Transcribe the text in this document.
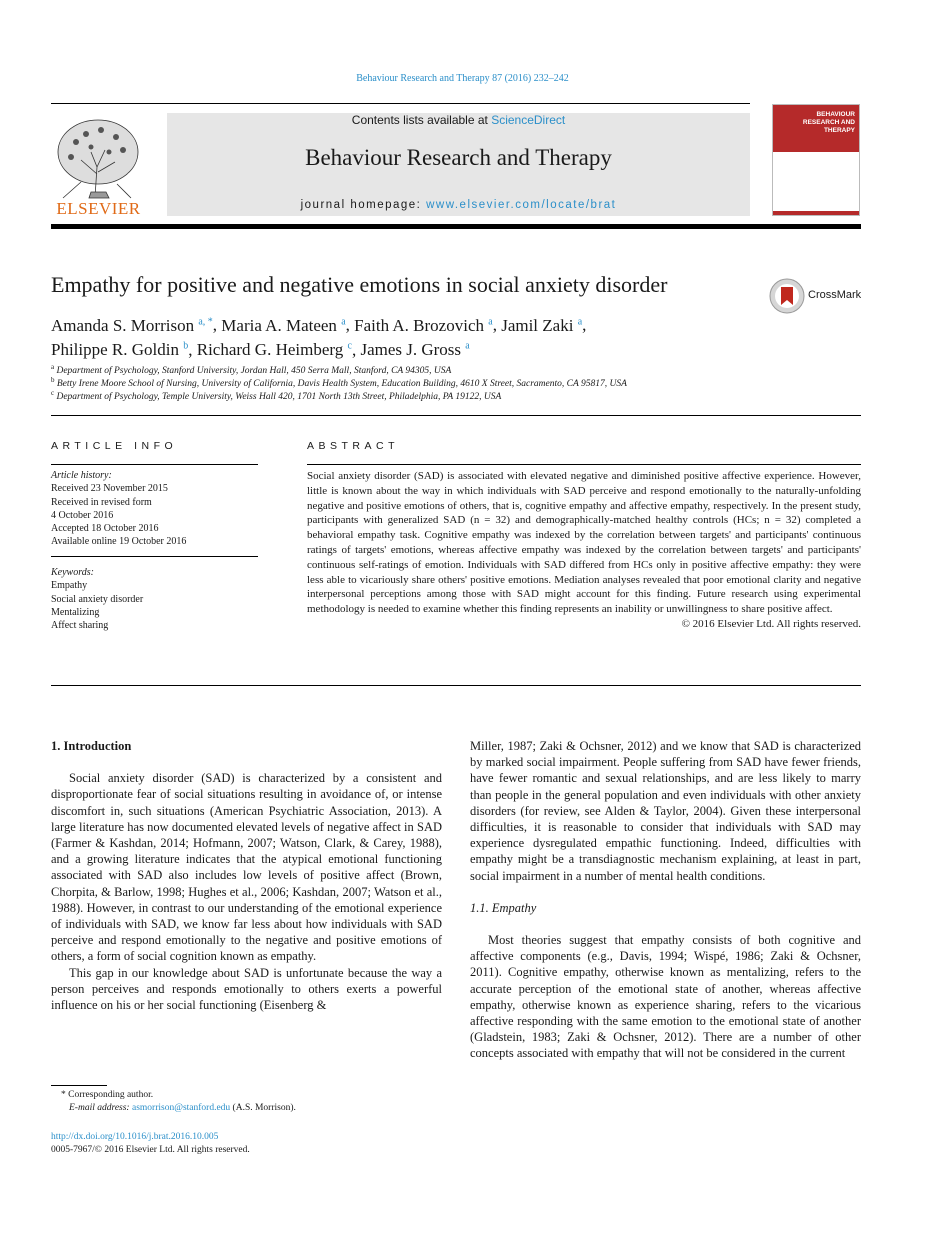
Behaviour Research and Therapy 87 (2016) 232–242
ELSEVIER
Contents lists available at ScienceDirect
Behaviour Research and Therapy
journal homepage: www.elsevier.com/locate/brat
BEHAVIOUR
RESEARCH AND
THERAPY
Empathy for positive and negative emotions in social anxiety disorder	CrossMark
Amanda S. Morrison $^{a, *}$, Maria A. Mateen $^a$, Faith A. Brozovich $^a$, Jamil Zaki $^a$,
Philippe R. Goldin $^b$, Richard G. Heimberg $^c$, James J. Gross $^a$
$^a$ Department of Psychology, Stanford University, Jordan Hall, 450 Serra Mall, Stanford, CA 94305, USA
$^b$ Betty Irene Moore School of Nursing, University of California, Davis Health System, Education Building, 4610 X Street, Sacramento, CA 95817, USA
$^c$ Department of Psychology, Temple University, Weiss Hall 420, 1701 North 13th Street, Philadelphia, PA 19122, USA
ARTICLE INFO
Article history:
Received 23 November 2015
Received in revised form
4 October 2016
Accepted 18 October 2016
Available online 19 October 2016
Keywords:
Empathy
Social anxiety disorder
Mentalizing
Affect sharing
ABSTRACT
Social anxiety disorder (SAD) is associated with elevated negative and diminished positive affective experience. However, little is known about the way in which individuals with SAD perceive and respond emotionally to the naturally-unfolding negative and positive emotions of others, that is, cognitive empathy and affective empathy, respectively. In the present study, participants with generalized SAD (n = 32) and demographically-matched healthy controls (HCs; n = 32) completed a behavioral empathy task. Cognitive empathy was indexed by the correlation between targets' and participants' continuous ratings of targets' emotions, whereas affective empathy was indexed by the correlation between targets' and participants' continuous self-ratings of emotion. Individuals with SAD differed from HCs only in positive affective empathy: they were less able to vicariously share others' positive emotions. Mediation analyses revealed that poor emotional clarity and negative interpersonal perceptions among those with SAD might account for this finding. Future research using experimental methodology is needed to examine whether this finding represents an inability or unwillingness to share positive affect.
© 2016 Elsevier Ltd. All rights reserved.
1. Introduction

Social anxiety disorder (SAD) is characterized by a consistent and disproportionate fear of social situations resulting in avoidance of, or intense discomfort in, such situations (American Psychiatric Association, 2013). A large literature has now documented elevated levels of negative affect in SAD (Farmer & Kashdan, 2014; Hofmann, 2007; Watson, Clark, & Carey, 1988), and a growing literature indicates that the atypical emotional functioning associated with SAD also includes low levels of positive affect (Brown, Chorpita, & Barlow, 1998; Hughes et al., 2006; Kashdan, 2007; Watson et al., 1988). However, in contrast to our understanding of the emotional experience of individuals with SAD, we know far less about how individuals with SAD perceive and respond emotionally to the negative and positive emotions of others, a form of social cognition known as empathy.

This gap in our knowledge about SAD is unfortunate because the way a person perceives and responds emotionally to others exerts a powerful influence on his or her social functioning (Eisenberg &

Miller, 1987; Zaki & Ochsner, 2012) and we know that SAD is characterized by marked social impairment. People suffering from SAD have fewer friends, have fewer romantic and sexual relationships, and are less likely to marry than people in the general population and even individuals with other anxiety disorders (for review, see Alden & Taylor, 2004). Given these interpersonal difficulties, it is reasonable to consider that individuals with SAD may experience dysregulated empathic functioning. Indeed, difficulties with empathy might be a transdiagnostic mechanism explaining, at least in part, social impairment in a number of mental health conditions.

1.1. Empathy

Most theories suggest that empathy consists of both cognitive and affective components (e.g., Davis, 1994; Wispé, 1986; Zaki & Ochsner, 2011). Cognitive empathy, otherwise known as mentalizing, refers to the accurate perception of the emotional state of another, whereas affective empathy, otherwise known as experience sharing, refers to the vicarious affective responding with the same emotion to the emotional state of another (Gladstein, 1983; Zaki & Ochsner, 2012). There are a number of other concepts associated with empathy that will not be considered in the current

* Corresponding author.
E-mail address: asmorrison@stanford.edu (A.S. Morrison).
http://dx.doi.org/10.1016/j.brat.2016.10.005
0005-7967/© 2016 Elsevier Ltd. All rights reserved.
